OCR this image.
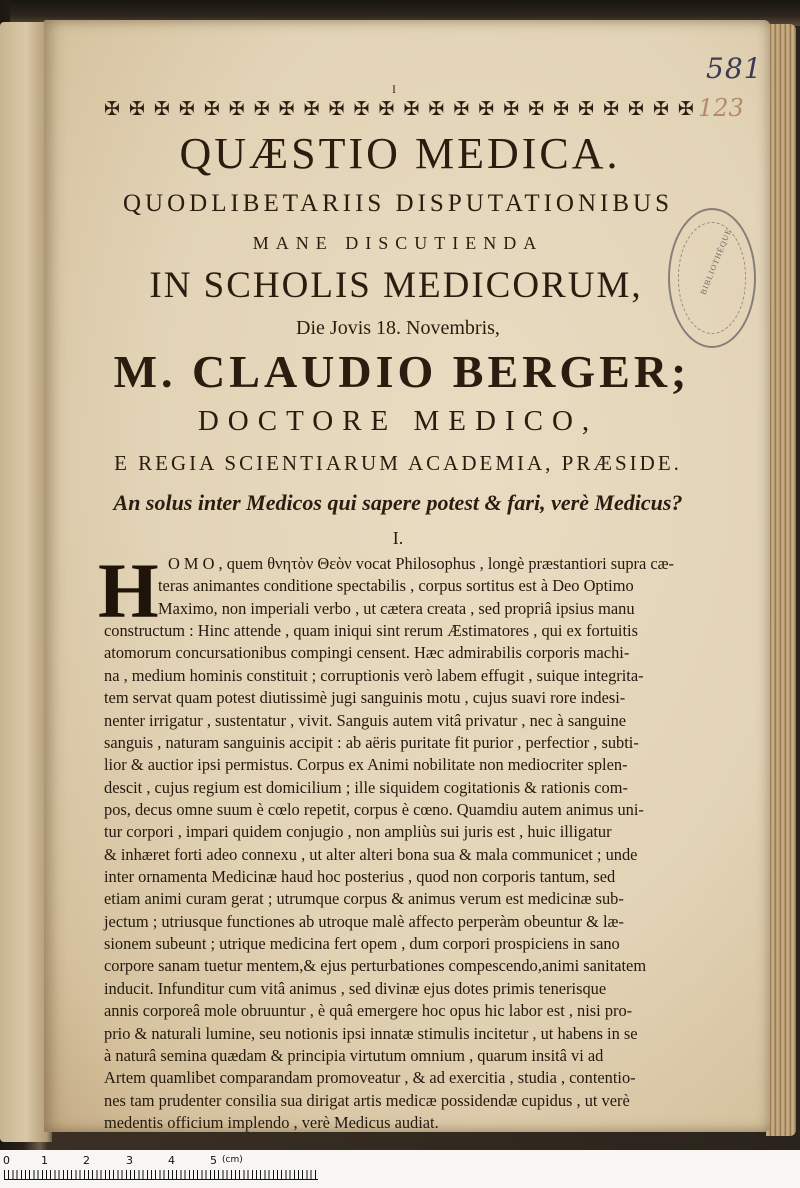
581
123
I
✠ ✠ ✠ ✠ ✠ ✠ ✠ ✠ ✠ ✠ ✠ ✠ ✠ ✠ ✠ ✠ ✠ ✠ ✠ ✠ ✠ ✠ ✠ ✠
QUÆSTIO MEDICA.
QUODLIBETARIIS DISPUTATIONIBUS
MANE DISCUTIENDA
IN SCHOLIS MEDICORUM,
Die Jovis 18. Novembris,
M. CLAUDIO BERGER;
DOCTORE MEDICO,
E REGIA SCIENTIARUM ACADEMIA, PRÆSIDE.
An solus inter Medicos qui sapere potest & fari, verè Medicus?
I.
BIBLIOTHÈQUE
H O M O , quem θνητὸν Θεὸν vocat Philosophus , longè præstantiori supra cæ-
teras animantes conditione spectabilis , corpus sortitus est à Deo Optimo
Maximo, non imperiali verbo , ut cætera creata , sed propriâ ipsius manu
constructum : Hinc attende , quam iniqui sint rerum Æstimatores , qui ex fortuitis
atomorum concursationibus compingi censent. Hæc admirabilis corporis machi-
na , medium hominis constituit ; corruptionis verò labem effugit , suique integrita-
tem servat quam potest diutissimè jugi sanguinis motu , cujus suavi rore indesi-
nenter irrigatur , sustentatur , vivit. Sanguis autem vitâ privatur , nec à sanguine
sanguis , naturam sanguinis accipit : ab aëris puritate fit purior , perfectior , subti-
lior & auctior ipsi permistus. Corpus ex Animi nobilitate non mediocriter splen-
descit , cujus regium est domicilium ; ille siquidem cogitationis & rationis com-
pos, decus omne suum è cœlo repetit, corpus è cœno. Quamdiu autem animus uni-
tur corpori , impari quidem conjugio , non ampliùs sui juris est , huic illigatur
& inhæret forti adeo connexu , ut alter alteri bona sua & mala communicet ; unde
inter ornamenta Medicinæ haud hoc posterius , quod non corporis tantum, sed
etiam animi curam gerat ; utrumque corpus & animus verum est medicinæ sub-
jectum ; utriusque functiones ab utroque malè affecto perperàm obeuntur & læ-
sionem subeunt ; utrique medicina fert opem , dum corpori prospiciens in sano
corpore sanam tuetur mentem,& ejus perturbationes compescendo,animi sanitatem
inducit. Infunditur cum vitâ animus , sed divinæ ejus dotes primis tenerisque
annis corporeâ mole obruuntur , è quâ emergere hoc opus hic labor est , nisi pro-
prio & naturali lumine, seu notionis ipsi innatæ stimulis incitetur , ut habens in se
à naturâ semina quædam & principia virtutum omnium , quarum insitâ vi ad
Artem quamlibet comparandam promoveatur , & ad exercitia , studia , contentio-
nes tam prudenter consilia sua dirigat artis medicæ possidendæ cupidus , ut verè
medentis officium implendo , verè Medicus audiat.
0	1	2	3	4	5 (cm)
